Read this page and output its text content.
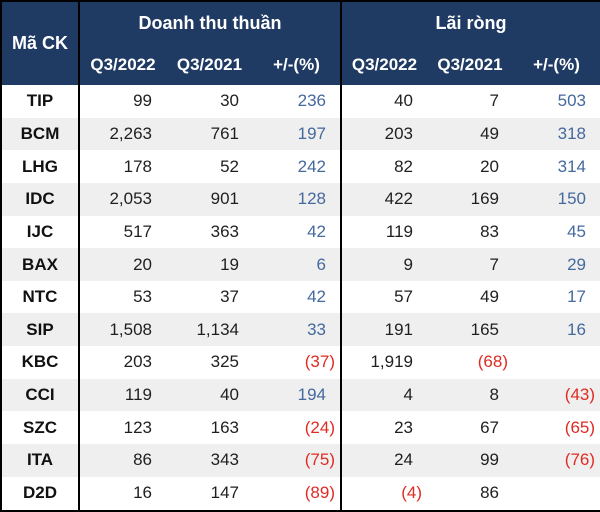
Mã CK	Doanh thu thuần			Lãi ròng		
	Q3/2022	Q3/2021	+/-(%)	Q3/2022	Q3/2021	+/-(%)
TIP	99	30	236	40	7	503
BCM	2,263	761	197	203	49	318
LHG	178	52	242	82	20	314
IDC	2,053	901	128	422	169	150
IJC	517	363	42	119	83	45
BAX	20	19	6	9	7	29
NTC	53	37	42	57	49	17
SIP	1,508	1,134	33	191	165	16
KBC	203	325	(37)	1,919	(68)	
CCI	119	40	194	4	8	(43)
SZC	123	163	(24)	23	67	(65)
ITA	86	343	(75)	24	99	(76)
D2D	16	147	(89)	(4)	86	
